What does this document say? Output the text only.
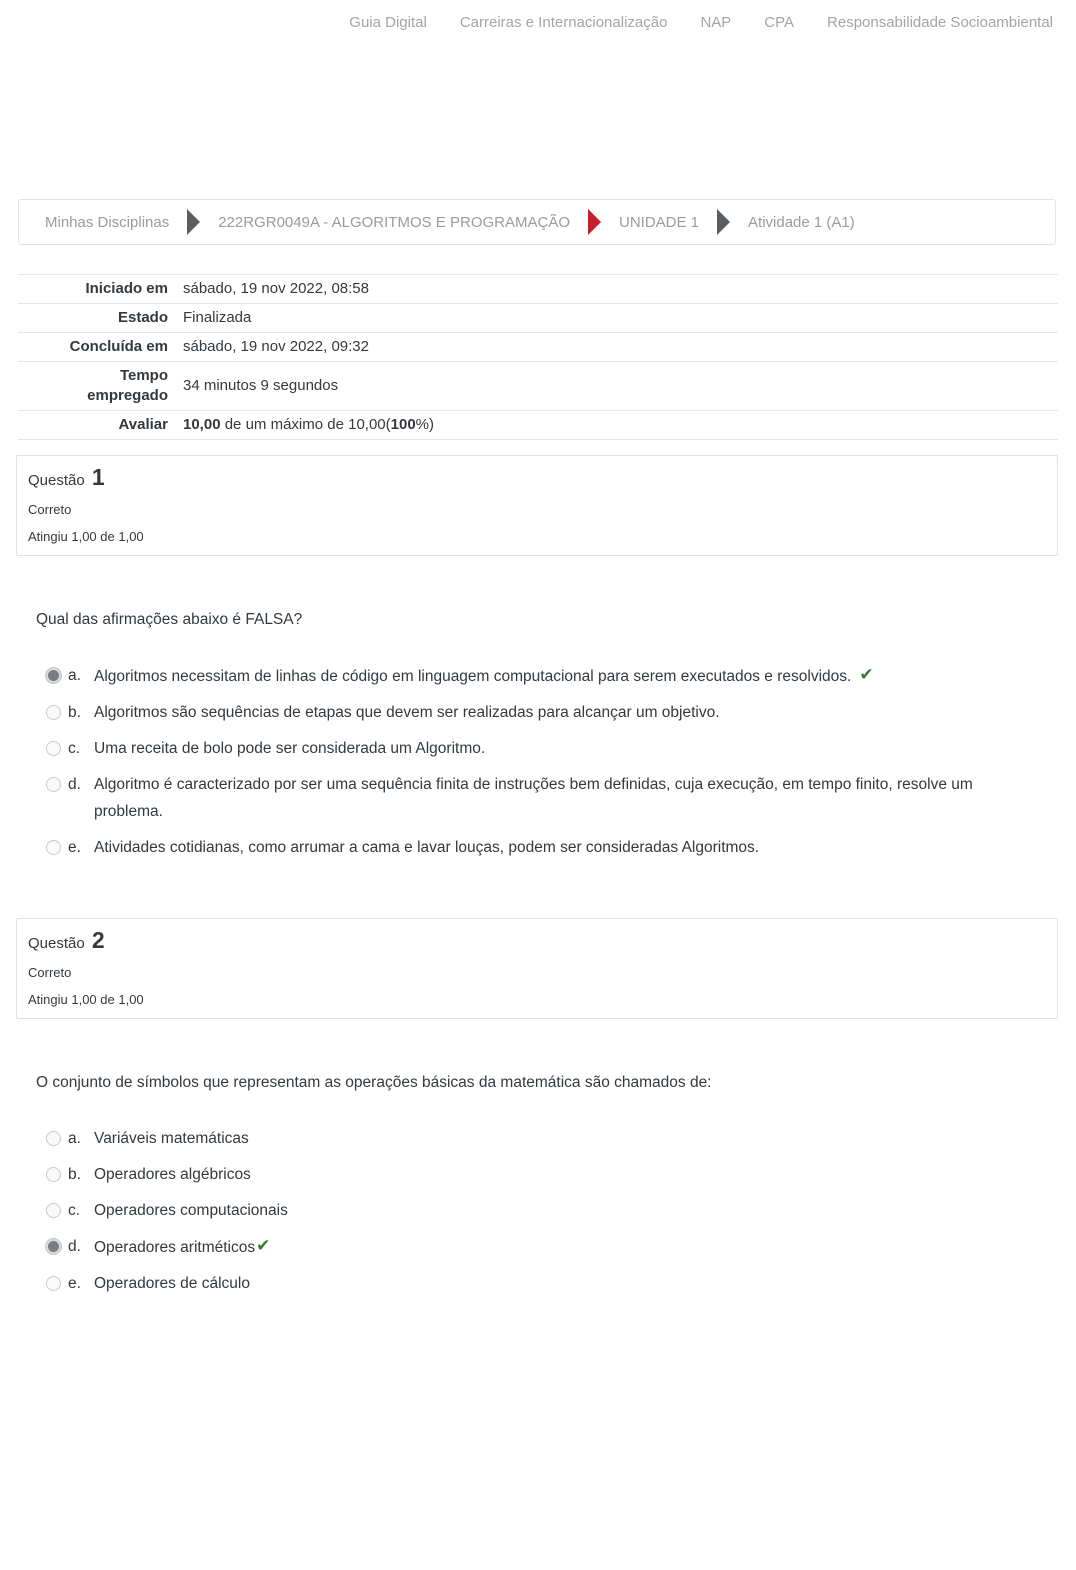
Guia Digital Carreiras e Internacionalização NAP CPA Responsabilidade Socioambiental
Minhas Disciplinas	222RGR0049A - ALGORITMOS E PROGRAMAÇÃO	UNIDADE 1	Atividade 1 (A1)
Iniciado em	sábado, 19 nov 2022, 08:58
Estado	Finalizada
Concluída em	sábado, 19 nov 2022, 09:32
Tempo empregado	34 minutos 9 segundos
Avaliar	10,00 de um máximo de 10,00(100%)
Questão 1
Correto
Atingiu 1,00 de 1,00
Qual das afirmações abaixo é FALSA?
a. Algoritmos necessitam de linhas de código em linguagem computacional para serem executados e resolvidos. ✔
b. Algoritmos são sequências de etapas que devem ser realizadas para alcançar um objetivo.
c. Uma receita de bolo pode ser considerada um Algoritmo.
d. Algoritmo é caracterizado por ser uma sequência finita de instruções bem definidas, cuja execução, em tempo finito, resolve um problema.
e. Atividades cotidianas, como arrumar a cama e lavar louças, podem ser consideradas Algoritmos.
Questão 2
Correto
Atingiu 1,00 de 1,00
O conjunto de símbolos que representam as operações básicas da matemática são chamados de:
a. Variáveis matemáticas
b. Operadores algébricos
c. Operadores computacionais
d. Operadores aritméticos✔
e. Operadores de cálculo
